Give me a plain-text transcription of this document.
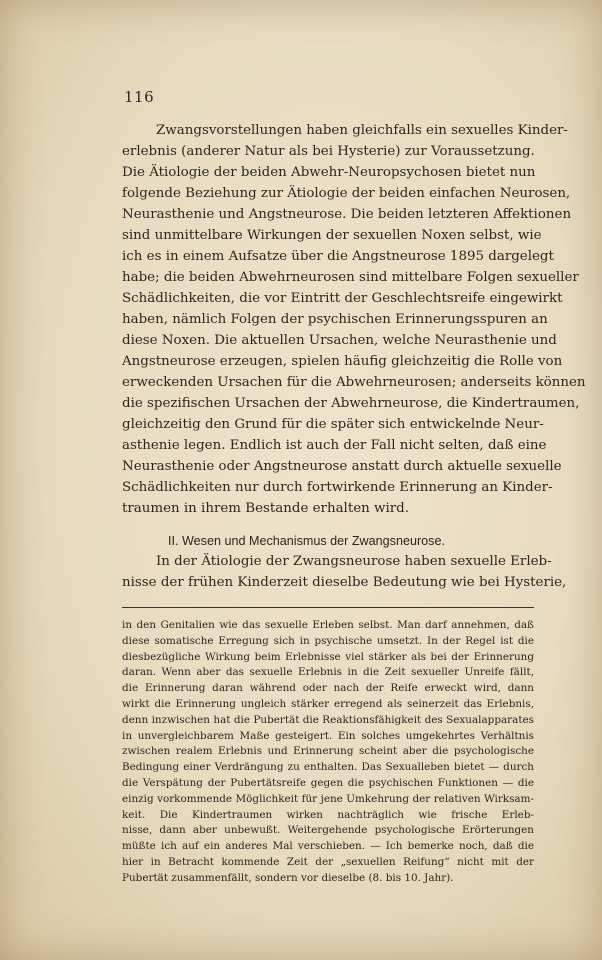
116
Zwangsvorstellungen haben gleichfalls ein sexuelles Kinder-
erlebnis (anderer Natur als bei Hysterie) zur Voraussetzung.
Die Ätiologie der beiden Abwehr-Neuropsychosen bietet nun
folgende Beziehung zur Ätiologie der beiden einfachen Neurosen,
Neurasthenie und Angstneurose. Die beiden letzteren Affektionen
sind unmittelbare Wirkungen der sexuellen Noxen selbst, wie
ich es in einem Aufsatze über die Angstneurose 1895 dargelegt
habe; die beiden Abwehrneurosen sind mittelbare Folgen sexueller
Schädlichkeiten, die vor Eintritt der Geschlechtsreife eingewirkt
haben, nämlich Folgen der psychischen Erinnerungsspuren an
diese Noxen. Die aktuellen Ursachen, welche Neurasthenie und
Angstneurose erzeugen, spielen häufig gleichzeitig die Rolle von
erweckenden Ursachen für die Abwehrneurosen; anderseits können
die spezifischen Ursachen der Abwehrneurose, die Kindertraumen,
gleichzeitig den Grund für die später sich entwickelnde Neur-
asthenie legen. Endlich ist auch der Fall nicht selten, daß eine
Neurasthenie oder Angstneurose anstatt durch aktuelle sexuelle
Schädlichkeiten nur durch fortwirkende Erinnerung an Kinder-
traumen in ihrem Bestande erhalten wird.
II. Wesen und Mechanismus der Zwangsneurose.
In der Ätiologie der Zwangsneurose haben sexuelle Erleb-
nisse der frühen Kinderzeit dieselbe Bedeutung wie bei Hysterie,
in den Genitalien wie das sexuelle Erleben selbst. Man darf annehmen, daß
diese somatische Erregung sich in psychische umsetzt. In der Regel ist die
diesbezügliche Wirkung beim Erlebnisse viel stärker als bei der Erinnerung
daran. Wenn aber das sexuelle Erlebnis in die Zeit sexueller Unreife fällt,
die Erinnerung daran während oder nach der Reife erweckt wird, dann
wirkt die Erinnerung ungleich stärker erregend als seinerzeit das Erlebnis,
denn inzwischen hat die Pubertät die Reaktionsfähigkeit des Sexualapparates
in unvergleichbarem Maße gesteigert. Ein solches umgekehrtes Verhältnis
zwischen realem Erlebnis und Erinnerung scheint aber die psychologische
Bedingung einer Verdrängung zu enthalten. Das Sexualleben bietet — durch
die Verspätung der Pubertätsreife gegen die psychischen Funktionen — die
einzig vorkommende Möglichkeit für jene Umkehrung der relativen Wirksam-
keit. Die Kindertraumen wirken nachträglich wie frische Erleb-
nisse, dann aber unbewußt. Weitergehende psychologische Erörterungen
müßte ich auf ein anderes Mal verschieben. — Ich bemerke noch, daß die
hier in Betracht kommende Zeit der „sexuellen Reifung“ nicht mit der
Pubertät zusammenfällt, sondern vor dieselbe (8. bis 10. Jahr).
